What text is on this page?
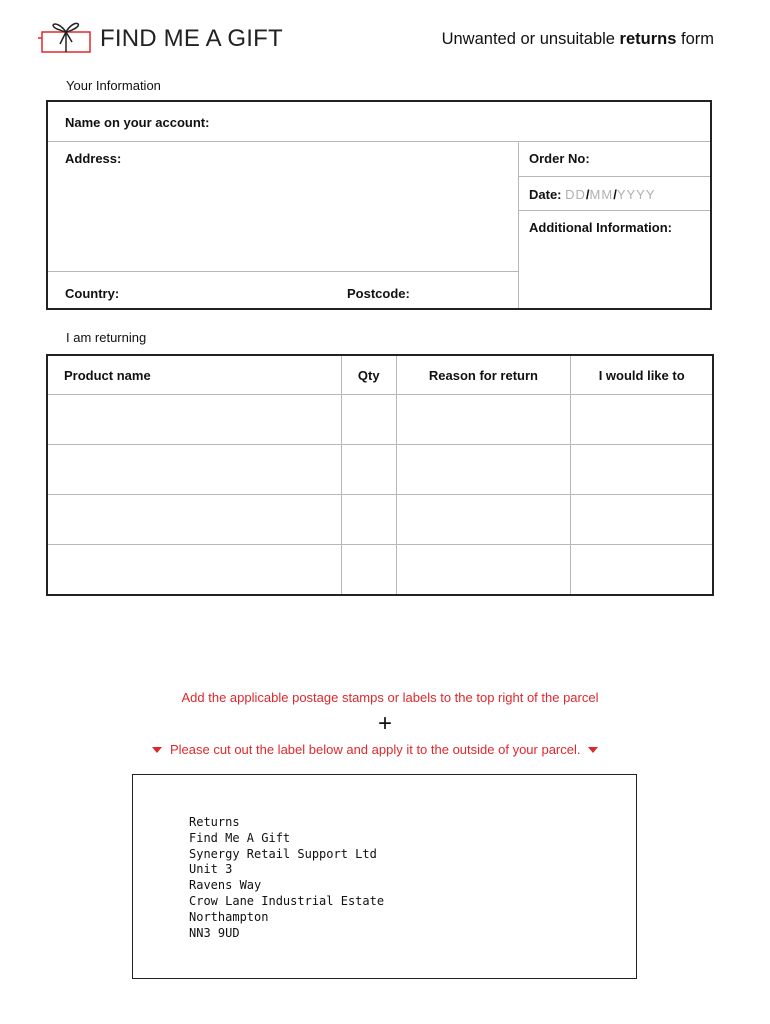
FIND ME A GIFT	Unwanted or unsuitable returns form
Your Information
Name on your account:
Address:	Order No:
Date: DD/MM/YYYY
Additional Information:
Country:	Postcode:
I am returning
Product name	Qty	Reason for return	I would like to

Add the applicable postage stamps or labels to the top right of the parcel
+
Please cut out the label below and apply it to the outside of your parcel.
Returns
Find Me A Gift
Synergy Retail Support Ltd
Unit 3
Ravens Way
Crow Lane Industrial Estate
Northampton
NN3 9UD
